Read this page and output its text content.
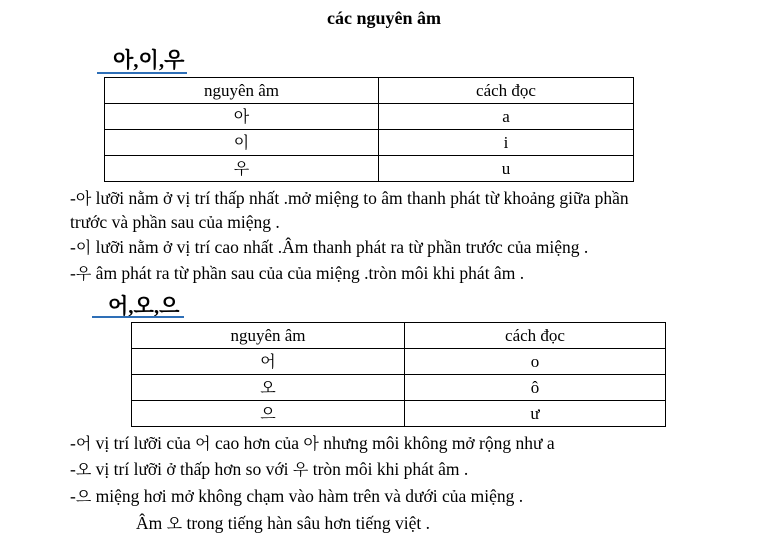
các nguyên âm
아,이,우
nguyên âm	cách đọc
아	a
이	i
우	u
-아 lưỡi nằm ở vị trí thấp nhất .mở miệng to âm thanh phát từ khoảng giữa phần
trước và phần sau của miệng .
-이 lưỡi nằm ở vị trí cao nhất .Âm thanh phát ra từ phần trước của miệng .
-우 âm phát ra từ phần sau của của miệng .tròn môi khi phát âm .
어,오,으
nguyên âm	cách đọc
어	o
오	ô
으	ư
-어 vị trí lưỡi của 어 cao hơn của 아 nhưng môi không mở rộng như a
-오 vị trí lưỡi ở thấp hơn so với 우 tròn môi khi phát âm .
-으 miệng hơi mở không chạm vào hàm trên và dưới của miệng .
Âm 오 trong tiếng hàn sâu hơn tiếng việt .
